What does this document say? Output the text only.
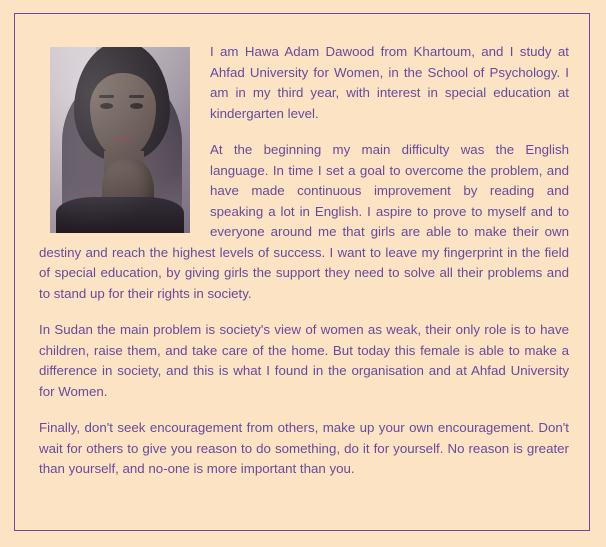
I am Hawa Adam Dawood from Khartoum, and I study at Ahfad University for Women, in the School of Psychology. I am in my third year, with interest in special education at kindergarten level.

At the beginning my main difficulty was the English language. In time I set a goal to overcome the problem, and have made continuous improvement by reading and speaking a lot in English. I aspire to prove to myself and to everyone around me that girls are able to make their own destiny and reach the highest levels of success. I want to leave my fingerprint in the field of special education, by giving girls the support they need to solve all their problems and to stand up for their rights in society.

In Sudan the main problem is society's view of women as weak, their only role is to have children, raise them, and take care of the home. But today this female is able to make a difference in society, and this is what I found in the organisation and at Ahfad University for Women.

Finally, don't seek encouragement from others, make up your own encouragement. Don't wait for others to give you reason to do something, do it for yourself. No reason is greater than yourself, and no-one is more important than you.
